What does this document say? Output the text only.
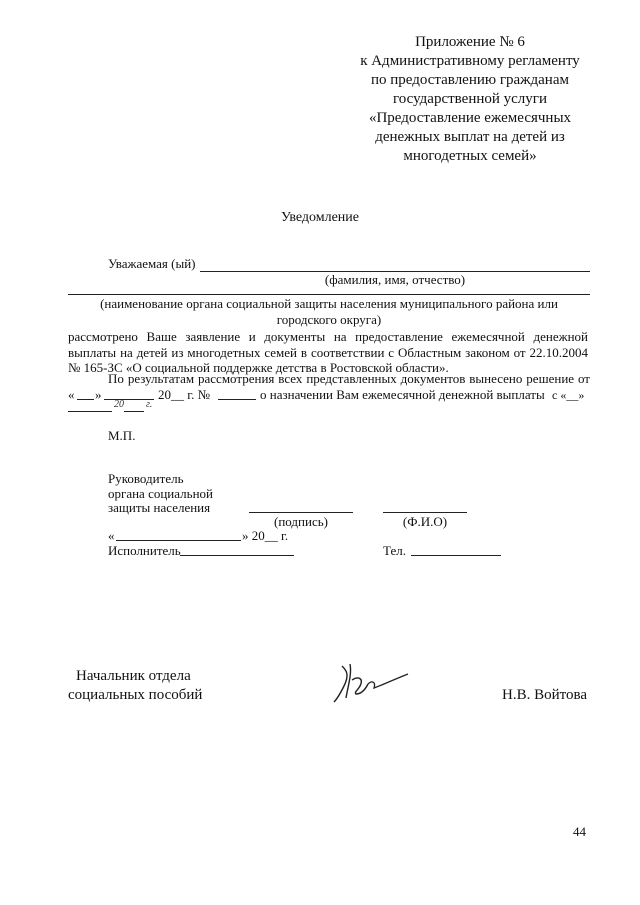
Приложение № 6
к Административному регламенту
по предоставлению гражданам
государственной услуги
«Предоставление ежемесячных
денежных выплат на детей из
многодетных семей»
Уведомление
Уважаемая (ый)
(фамилия, имя, отчество)
(наименование органа социальной защиты населения муниципального района или
городского округа)
рассмотрено Ваше заявление и документы на предоставление ежемесячной денежной
выплаты на детей из многодетных семей в соответствии с Областным законом от 22.10.2004
№ 165-ЗС «О социальной поддержке детства в Ростовской области».
По результатам рассмотрения всех представленных документов вынесено решение от
« »	20__ г. №	о назначении Вам ежемесячной денежной выплаты с «__»
20 г.
М.П.
Руководитель
органа социальной
защиты населения
(подпись)	(Ф.И.О)
«	» 20__ г.
Исполнитель	Тел.
Начальник отдела
социальных пособий	Н.В. Войтова
44
